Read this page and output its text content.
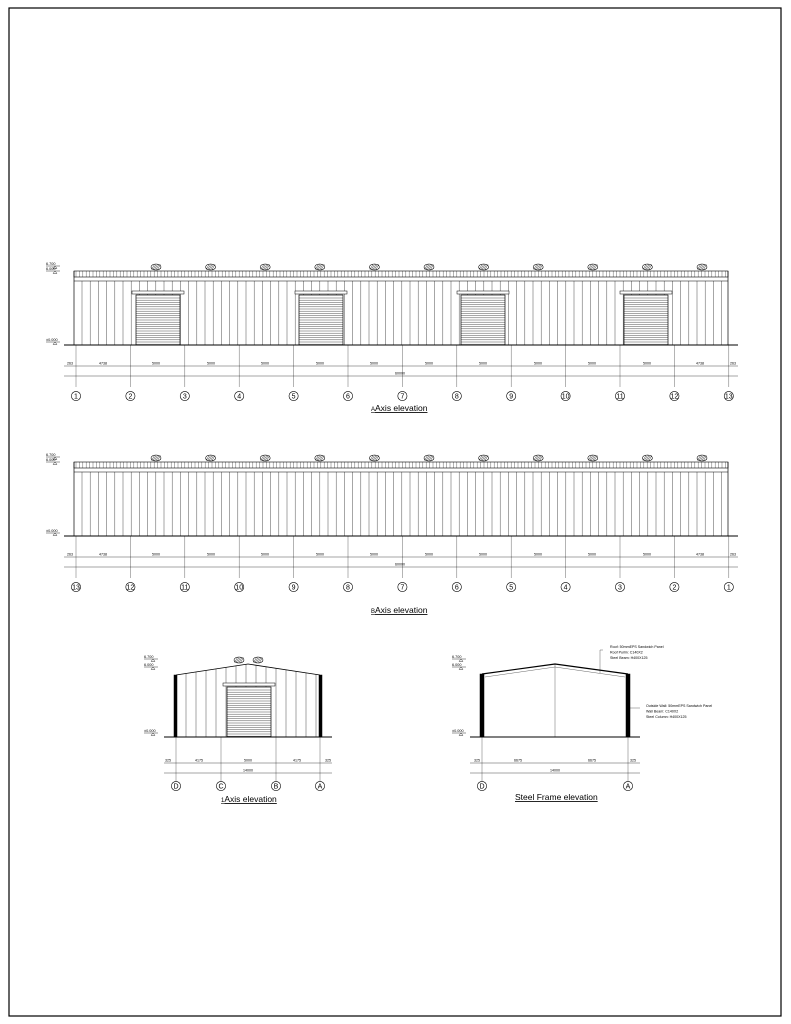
6.700
6.000
±0.000
263	4738	5000	5000	5000	5000	5000	5000	5000	5000	5000	5000	4738	263
60000
1	2	3	4	5	6	7	8	9	10	11	12	13
AAxis elevation
6.700
6.000
±0.000
263	4738	5000	5000	5000	5000	5000	5000	5000	5000	5000	5000	4738	263
60000
13	12	11	10	9	8	7	6	5	4	3	2	1
BAxis elevation
6.700
6.000
±0.000
325	4175	5000	4175	325
14000
D	C	B	A
1Axis elevation
6.700
6.000
±0.000
325	6675	6675	325
14000
D	A
Roof: 50mmEPS Sandwich Panel
Roof Purlin: C140X2
Steel Beam: H400X125
Outside Wall: 50mmEPS Sandwich Panel
Wall Beam: C140X2
Steel Column: H400X125
Steel Frame elevation
